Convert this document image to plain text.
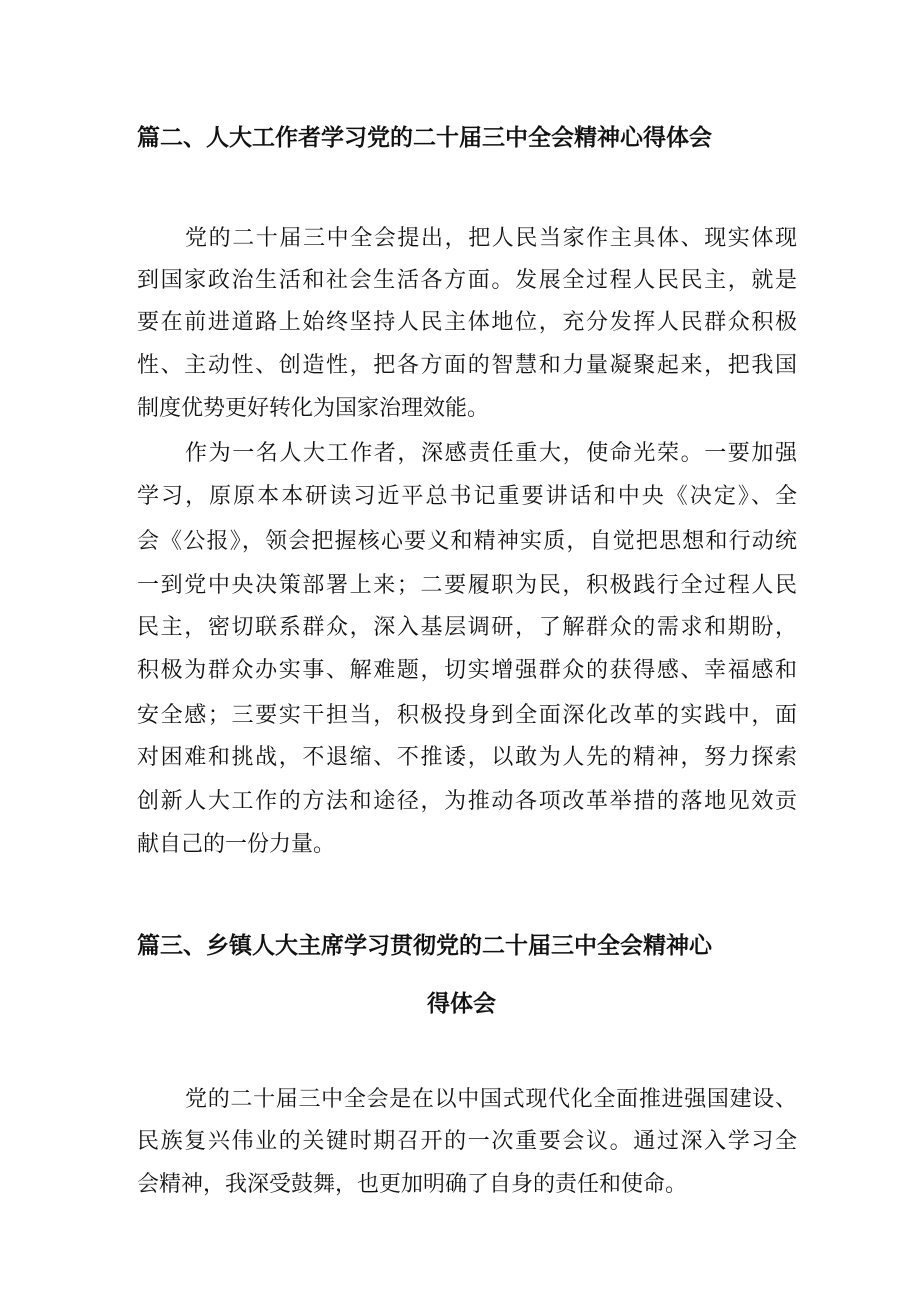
篇二、人大工作者学习党的二十届三中全会精神心得体会
党的二十届三中全会提出，把人民当家作主具体、现实体现
到国家政治生活和社会生活各方面。发展全过程人民民主，就是
要在前进道路上始终坚持人民主体地位，充分发挥人民群众积极
性、主动性、创造性，把各方面的智慧和力量凝聚起来，把我国
制度优势更好转化为国家治理效能。
作为一名人大工作者，深感责任重大，使命光荣。一要加强
学习，原原本本研读习近平总书记重要讲话和中央《决定》、全
会《公报》，领会把握核心要义和精神实质，自觉把思想和行动统
一到党中央决策部署上来；二要履职为民，积极践行全过程人民
民主，密切联系群众，深入基层调研，了解群众的需求和期盼，
积极为群众办实事、解难题，切实增强群众的获得感、幸福感和
安全感；三要实干担当，积极投身到全面深化改革的实践中，面
对困难和挑战，不退缩、不推诿，以敢为人先的精神，努力探索
创新人大工作的方法和途径，为推动各项改革举措的落地见效贡
献自己的一份力量。
篇三、乡镇人大主席学习贯彻党的二十届三中全会精神心
得体会
党的二十届三中全会是在以中国式现代化全面推进强国建设、
民族复兴伟业的关键时期召开的一次重要会议。通过深入学习全
会精神，我深受鼓舞，也更加明确了自身的责任和使命。
